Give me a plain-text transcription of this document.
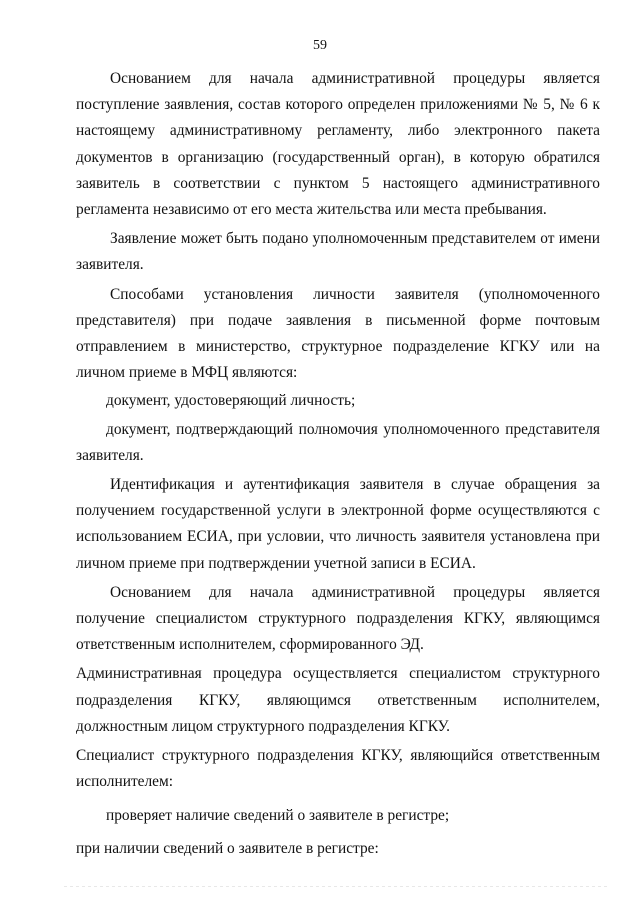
59

Основанием для начала административной процедуры является поступление заявления, состав которого определен приложениями № 5, № 6 к настоящему административному регламенту, либо электронного пакета документов в организацию (государственный орган), в которую обратился заявитель в соответствии с пунктом 5 настоящего административного регламента независимо от его места жительства или места пребывания.

Заявление может быть подано уполномоченным представителем от имени заявителя.

Способами установления личности заявителя (уполномоченного представителя) при подаче заявления в письменной форме почтовым отправлением в министерство, структурное подразделение КГКУ или на личном приеме в МФЦ являются:

документ, удостоверяющий личность;

документ, подтверждающий полномочия уполномоченного представителя заявителя.

Идентификация и аутентификация заявителя в случае обращения за получением государственной услуги в электронной форме осуществляются с использованием ЕСИА, при условии, что личность заявителя установлена при личном приеме при подтверждении учетной записи в ЕСИА.

Основанием для начала административной процедуры является получение специалистом структурного подразделения КГКУ, являющимся ответственным исполнителем, сформированного ЭД.

Административная процедура осуществляется специалистом структурного подразделения КГКУ, являющимся ответственным исполнителем, должностным лицом структурного подразделения КГКУ.

Специалист структурного подразделения КГКУ, являющийся ответственным исполнителем:

проверяет наличие сведений о заявителе в регистре;

при наличии сведений о заявителе в регистре:
